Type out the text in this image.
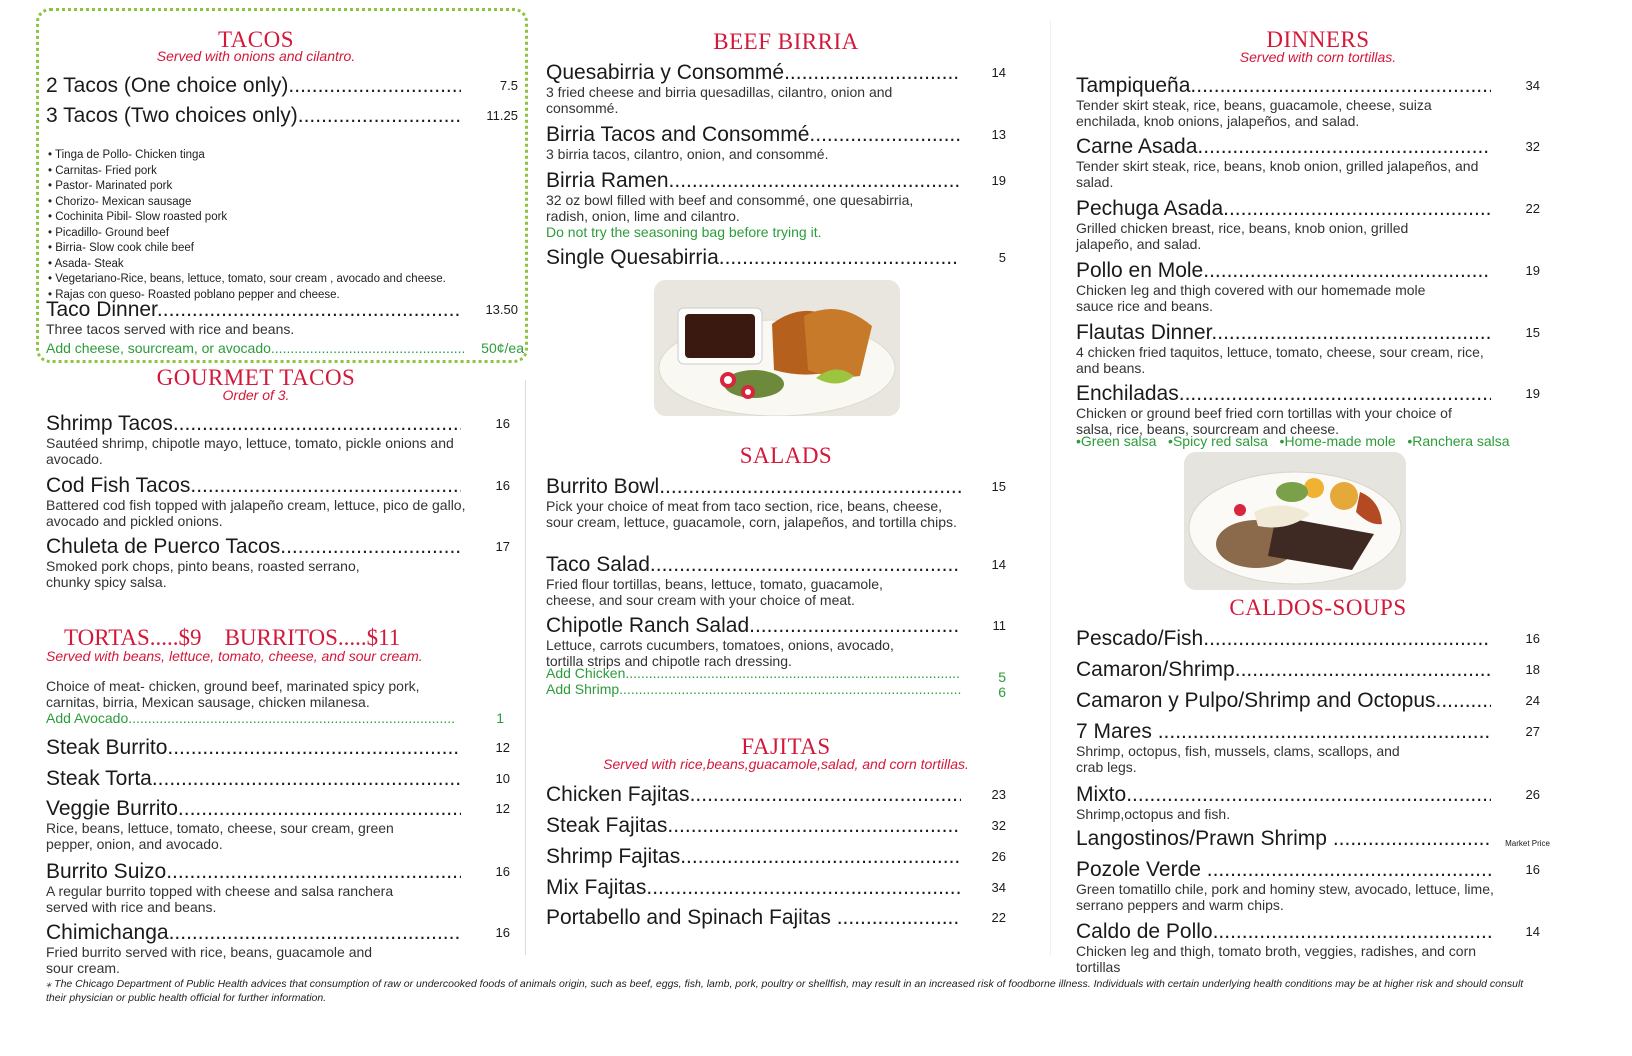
TACOS
Served with onions and cilantro.
2 Tacos (One choice only) .....	7.5
3 Tacos (Two choices only) .....	11.25
• Tinga de Pollo- Chicken tinga
• Carnitas- Fried pork
• Pastor- Marinated pork
• Chorizo- Mexican sausage
• Cochinita Pibil- Slow roasted pork
• Picadillo- Ground beef
• Birria- Slow cook chile beef
• Asada- Steak
• Vegetariano-Rice, beans, lettuce, tomato, sour cream , avocado and cheese.
• Rajas con queso- Roasted poblano pepper and cheese.
Taco Dinner .....	13.50
Three tacos served with rice and beans.
Add cheese, sourcream, or avocado .....	50¢/ea
GOURMET TACOS
Order of 3.
Shrimp Tacos .....	16
Sautéed shrimp, chipotle mayo, lettuce, tomato, pickle onions and avocado.
Cod Fish Tacos .....	16
Battered cod fish topped with jalapeño cream, lettuce, pico de gallo, avocado and pickled onions.
Chuleta de Puerco Tacos .....	17
Smoked pork chops, pinto beans, roasted serrano, chunky spicy salsa.
TORTAS.....$9 BURRITOS.....$11
Served with beans, lettuce, tomato, cheese, and sour cream.
Choice of meat- chicken, ground beef, marinated spicy pork, carnitas, birria, Mexican sausage, chicken milanesa.
Add Avocado .....	1
Steak Burrito .....	12
Steak Torta .....	10
Veggie Burrito .....	12
Rice, beans, lettuce, tomato, cheese, sour cream, green pepper, onion, and avocado.
Burrito Suizo .....	16
A regular burrito topped with cheese and salsa ranchera served with rice and beans.
Chimichanga .....	16
Fried burrito served with rice, beans, guacamole and sour cream.
BEEF BIRRIA
Quesabirria y Consommé .....	14
3 fried cheese and birria quesadillas, cilantro, onion and consommé.
Birria Tacos and Consommé .....	13
3 birria tacos, cilantro, onion, and consommé.
Birria Ramen .....	19
32 oz bowl filled with beef and consommé, one quesabirria, radish, onion, lime and cilantro.
Do not try the seasoning bag before trying it.
Single Quesabirria .....	5
SALADS
Burrito Bowl .....	15
Pick your choice of meat from taco section, rice, beans, cheese, sour cream, lettuce, guacamole, corn, jalapeños, and tortilla chips.
Taco Salad .....	14
Fried flour tortillas, beans, lettuce, tomato, guacamole, cheese, and sour cream with your choice of meat.
Chipotle Ranch Salad .....	11
Lettuce, carrots cucumbers, tomatoes, onions, avocado, tortilla strips and chipotle rach dressing.
Add Chicken .....	5
Add Shrimp .....	6
FAJITAS
Served with rice,beans,guacamole,salad, and corn tortillas.
Chicken Fajitas .....	23
Steak Fajitas .....	32
Shrimp Fajitas .....	26
Mix Fajitas .....	34
Portabello and Spinach Fajitas .....	22
DINNERS
Served with corn tortillas.
Tampiqueña .....	34
Tender skirt steak, rice, beans, guacamole, cheese, suiza enchilada, knob onions, jalapeños, and salad.
Carne Asada .....	32
Tender skirt steak, rice, beans, knob onion, grilled jalapeños, and salad.
Pechuga Asada .....	22
Grilled chicken breast, rice, beans, knob onion, grilled jalapeño, and salad.
Pollo en Mole .....	19
Chicken leg and thigh covered with our homemade mole sauce rice and beans.
Flautas Dinner .....	15
4 chicken fried taquitos, lettuce, tomato, cheese, sour cream, rice, and beans.
Enchiladas .....	19
Chicken or ground beef fried corn tortillas with your choice of salsa, rice, beans, sourcream and cheese.
•Green salsa   •Spicy red salsa   •Home-made mole   •Ranchera salsa
CALDOS-SOUPS
Pescado/Fish .....	16
Camaron/Shrimp .....	18
Camaron y Pulpo/Shrimp and Octopus .....	24
7 Mares .....	27
Shrimp, octopus, fish, mussels, clams, scallops, and crab legs.
Mixto .....	26
Shrimp,octopus and fish.
Langostinos/Prawn Shrimp .....	Market Price
Pozole Verde .....	16
Green tomatillo chile, pork and hominy stew, avocado, lettuce, lime, serrano peppers and warm chips.
Caldo de Pollo .....	14
Chicken leg and thigh, tomato broth, veggies, radishes, and corn tortillas
⁎ The Chicago Department of Public Health advices that consumption of raw or undercooked foods of animals origin, such as beef, eggs, fish, lamb, pork, poultry or shellfish, may result in an increased risk of foodborne illness. Individuals with certain underlying health conditions may be at higher risk and should consult their physician or public health official for further information.
